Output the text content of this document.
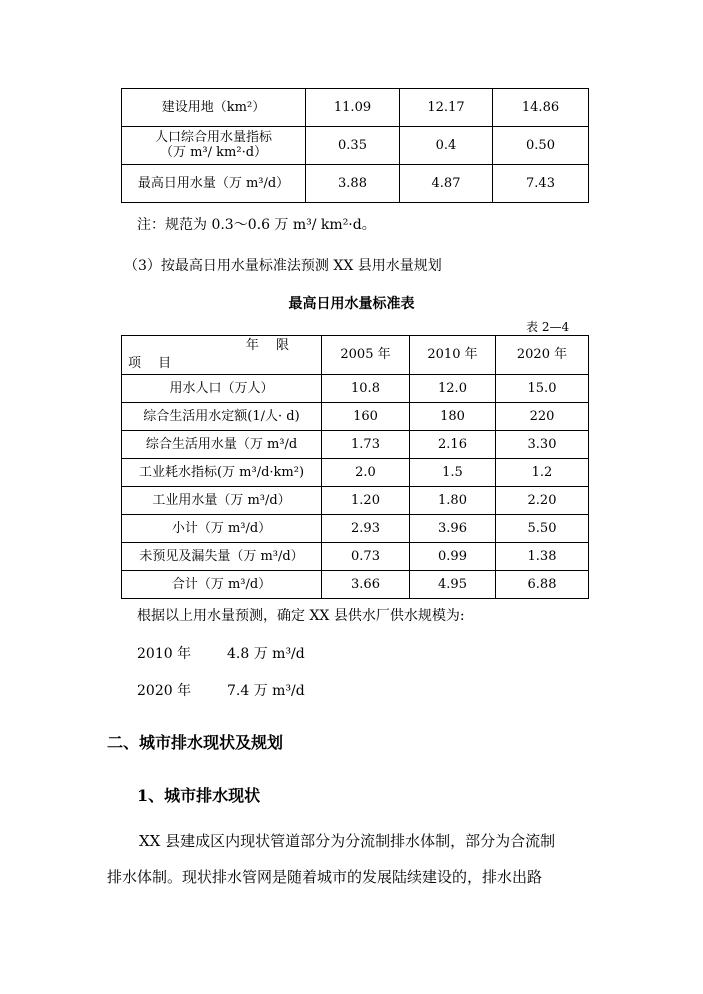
建设用地（km²）	11.09	12.17	14.86
人口综合用水量指标
（万 m³/ km²·d）	0.35	0.4	0.50
最高日用水量（万 m³/d）	3.88	4.87	7.43
注：规范为 0.3～0.6 万 m³/ km²·d。
（3）按最高日用水量标准法预测 XX 县用水量规划
最高日用水量标准表
表 2—4
年　 限
项　 目	2005 年	2010 年	2020 年
用水人口（万人）	10.8	12.0	15.0
综合生活用水定额(1/人· d)	160	180	220
综合生活用水量（万 m³/d	1.73	2.16	3.30
工业耗水指标(万 m³/d·km²)	2.0	1.5	1.2
工业用水量（万 m³/d）	1.20	1.80	2.20
小计（万 m³/d）	2.93	3.96	5.50
未预见及漏失量（万 m³/d）	0.73	0.99	1.38
合计（万 m³/d）	3.66	4.95	6.88
根据以上用水量预测，确定 XX 县供水厂供水规模为:
2010 年	4.8 万 m³/d
2020 年	7.4 万 m³/d
二、城市排水现状及规划
1、城市排水现状
XX 县建成区内现状管道部分为分流制排水体制，部分为合流制
排水体制。现状排水管网是随着城市的发展陆续建设的，排水出路
